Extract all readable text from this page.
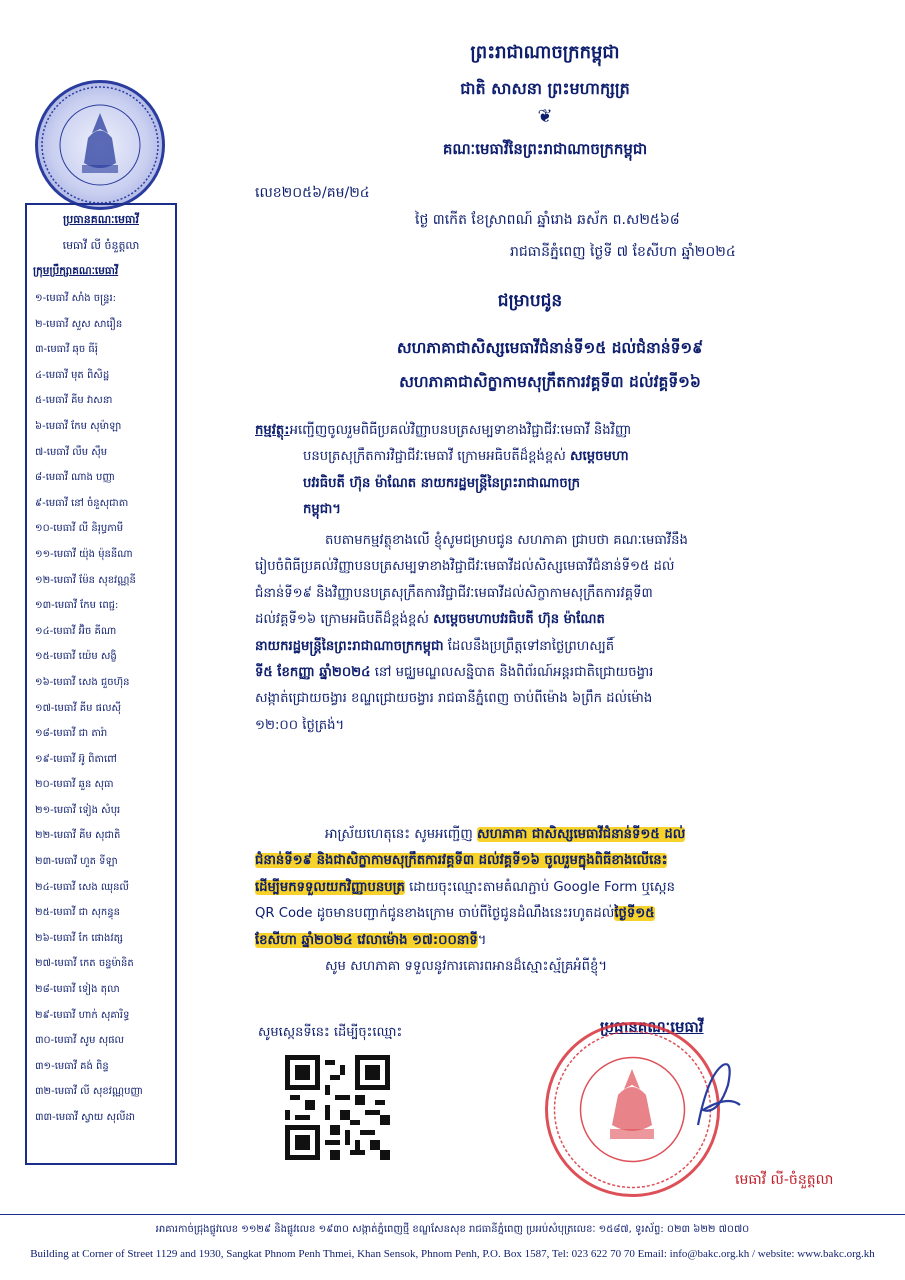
ព្រះរាជាណាចក្រកម្ពុជា
ជាតិ សាសនា ព្រះមហាក្សត្រ
❦
គណៈមេធាវីនៃព្រះរាជាណាចក្រកម្ពុជា
លេខ២០៥៦/គម/២៤
ថ្ងៃ ៣កើត ខែស្រាពណ៍ ឆ្នាំរោង ឆស័ក ព.ស២៥៦៨
រាជធានីភ្នំពេញ ថ្ងៃទី ៧ ខែសីហា ឆ្នាំ២០២៤
ប្រធានគណៈមេធាវី
មេធាវី លី ចំនួត្តលា
ក្រុមប្រឹក្សាគណៈមេធាវី
១-មេធាវី សាំង ចន្ទ្ររ:
២-មេធាវី សួស សារឿន
៣-មេធាវី ឆុច ធីរ៉ុ
៤-មេធាវី មុត ពិសិដ្ឋ
៥-មេធាវី គីម វាសនា
៦-មេធាវី កែម សុម៉ាឡា
៧-មេធាវី លឹម ស៊ឹម
៨-មេធាវី ណាង បញ្ញា
៩-មេធាវី នៅ ចំនួសុជាតា
១០-មេធាវី លី និរុប្ធភាមី
១១-មេធាវី យ៉ុង ម៉ុននីណា
១២-មេធាវី ម៉ែន សុខវណ្ណនី
១៣-មេធាវី កែម ពេជ្ជ:
១៤-មេធាវី អ៊ិច គីណា
១៥-មេធាវី យ៉េម សង្ខិ
១៦-មេធាវី សេង ជួចហ៊ុន
១៧-មេធាវី គីម ផលស៊ី
១៨-មេធាវី ជា តារ៉ា
១៩-មេធាវី អ៊ូ ពិតាពៅ
២០-មេធាវី ឆួន សុធា
២១-មេធាវី ទៀង សំបុរ
២២-មេធាវី គីម សុជាតិ
២៣-មេធាវី ហួត ទីឡា
២៤-មេធាវី សេង ឈុនលី
២៥-មេធាវី ជា សុកន្ធុន
២៦-មេធាវី កែ ផោងវត្ស
២៧-មេធាវី កេត ចន្ទម៉ានិត
២៨-មេធាវី ទៀង តុលា
២៩-មេធាវី ហាក់ សុគារិទ្ធ
៣០-មេធាវី សូម សុផល
៣១-មេធាវី គង់ ពិន្ទ
៣២-មេធាវី លី សុខវណ្ណបញ្ញា
៣៣-មេធាវី ស្វាយ សុលីដា
ជម្រាបជូន
សហភាគាជាសិស្សមេធាវីជំនាន់ទី១៥ ដល់ជំនាន់ទី១៩
សហភាគាជាសិក្ខាកាមសុក្រឹតការវគ្គទី៣ ដល់វគ្គទី១៦
កម្មវត្ថុ:អញ្ជើញចូលរួមពិធីប្រគល់វិញ្ញាបនបត្រសម្បទាខាងវិជ្ជាជីវៈមេធាវី និងវិញ្ញា
បនបត្រសុក្រឹតការវិជ្ជាជីវៈមេធាវី ក្រោមអធិបតីដ៏ខ្ពង់ខ្ពស់ សម្តេចមហា
បវរធិបតី ហ៊ុន ម៉ាណែត នាយករដ្ឋមន្ត្រីនៃព្រះរាជាណាចក្រ
កម្ពុជា។
តបតាមកម្មវត្ថុខាងលើ ខ្ញុំសូមជម្រាបជូន សហភាគា ជ្រាបថា គណៈមេធាវីនឹង
រៀបចំពិធីប្រគល់វិញ្ញាបនបត្រសម្បទាខាងវិជ្ជាជីវៈមេធាវីដល់សិស្សមេធាវីជំនាន់ទី១៥ ដល់
ជំនាន់ទី១៩ និងវិញ្ញាបនបត្រសុក្រឹតការវិជ្ជាជីវៈមេធាវីដល់សិក្ខាកាមសុក្រឹតការវគ្គទី៣
ដល់វគ្គទី១៦ ក្រោមអធិបតីដ៏ខ្ពង់ខ្ពស់ សម្តេចមហាបវរធិបតី ហ៊ុន ម៉ាណែត
នាយករដ្ឋមន្ត្រីនៃព្រះរាជាណាចក្រកម្ពុជា ដែលនឹងប្រព្រឹត្តទៅនាថ្ងៃព្រហស្បតិ៍
ទី៥ ខែកញ្ញា ឆ្នាំ២០២៤ នៅ មជ្ឈមណ្ឌលសន្និបាត និងពិព័រណ៍អន្តរជាតិជ្រោយចង្វារ
សង្កាត់ជ្រោយចង្វារ ខណ្ឌជ្រោយចង្វារ រាជធានីភ្នំពេញ ចាប់ពីម៉ោង ៦ព្រឹក ដល់ម៉ោង
១២:០០ ថ្ងៃត្រង់។
អាស្រ័យហេតុនេះ សូមអញ្ជើញ សហភាគា ជាសិស្សមេធាវីជំនាន់ទី១៥ ដល់
ជំនាន់ទី១៩ និងជាសិក្ខាកាមសុក្រឹតការវគ្គទី៣ ដល់វគ្គទី១៦ ចូលរួមក្នុងពិធីខាងលើនេះ
ដើម្បីមកទទួលយកវិញ្ញាបនបត្រ ដោយចុះឈ្មោះតាមតំណភ្ជាប់ Google Form ឬស្កេន
QR Code ដូចមានបញ្ជាក់ជូនខាងក្រោម ចាប់ពីថ្ងៃជូនដំណឹងនេះរហូតដល់ថ្ងៃទី១៥
ខែសីហា ឆ្នាំ២០២៤ វេលាម៉ោង ១៧:០០នាទី។
សូម សហភាគា ទទួលនូវការគោរពអានដ៏ស្មោះស្ម័គ្រអំពីខ្ញុំ។
សូមស្កេនទីនេះ ដើម្បីចុះឈ្មោះ	ប្រធានគណៈមេធាវី
មេធាវី លី-ចំនួត្តលា
អាគារកាច់ជ្រុងផ្លូវលេខ ១១២៩ និងផ្លូវលេខ ១៩៣០ សង្កាត់ភ្នំពេញថ្មី ខណ្ឌសែនសុខ រាជធានីភ្នំពេញ ប្រអប់សំបុត្រលេខៈ ១៥៨៧, ទូរស័ព្ទ: ០២៣ ៦២២ ៧០៧០
Building at Corner of Street 1129 and 1930, Sangkat Phnom Penh Thmei, Khan Sensok, Phnom Penh, P.O. Box 1587, Tel: 023 622 70 70 Email: info@bakc.org.kh / website: www.bakc.org.kh
